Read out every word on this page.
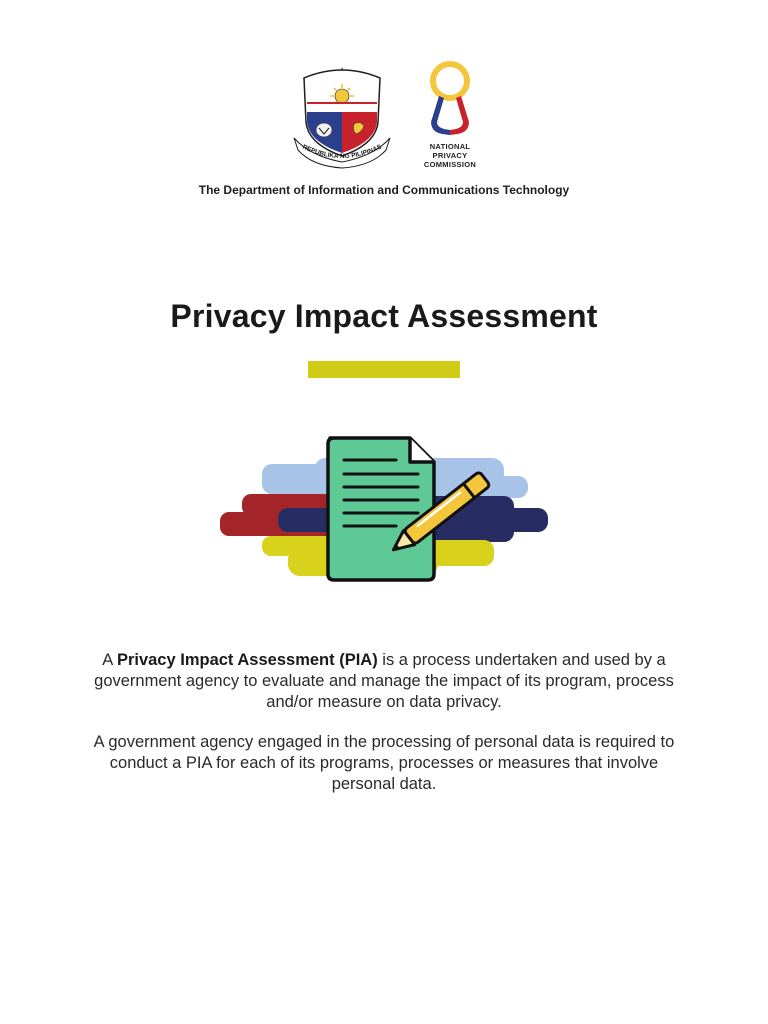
REPUBLIKA NG PILIPINAS	NATIONAL
PRIVACY
COMMISSION
The Department of Information and Communications Technology
Privacy Impact Assessment

A Privacy Impact Assessment (PIA) is a process undertaken and used by a government agency to evaluate and manage the impact of its program, process and/or measure on data privacy.

A government agency engaged in the processing of personal data is required to conduct a PIA for each of its programs, processes or measures that involve personal data.
